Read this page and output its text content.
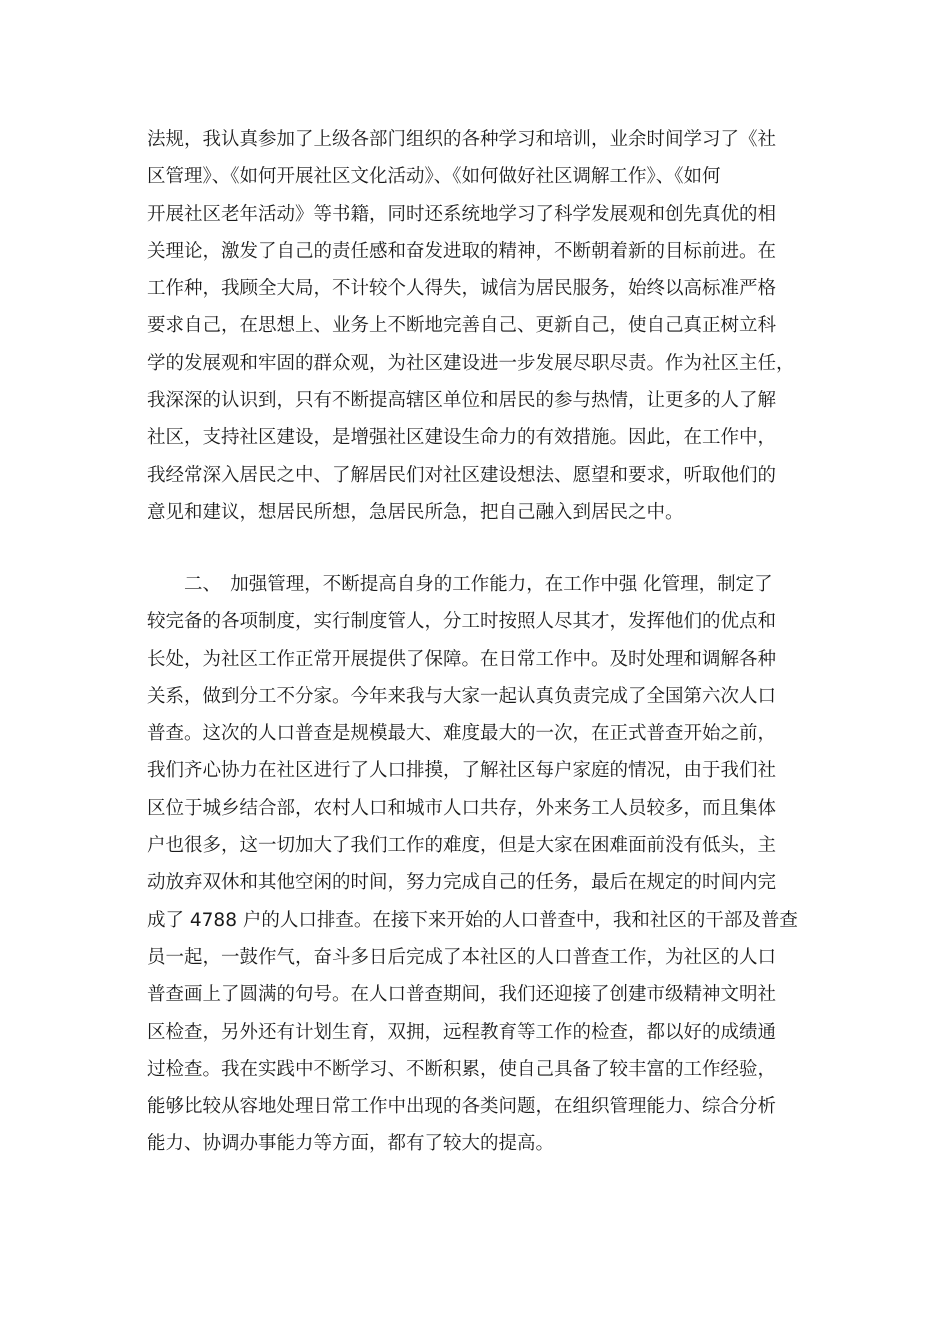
法规，我认真参加了上级各部门组织的各种学习和培训，业余时间学习了《社
区管理》、《如何开展社区文化活动》、《如何做好社区调解工作》、《如何
开展社区老年活动》等书籍，同时还系统地学习了科学发展观和创先真优的相
关理论，激发了自己的责任感和奋发进取的精神，不断朝着新的目标前进。在
工作种，我顾全大局，不计较个人得失，诚信为居民服务，始终以高标准严格
要求自己，在思想上、业务上不断地完善自己、更新自己，使自己真正树立科
学的发展观和牢固的群众观，为社区建设进一步发展尽职尽责。作为社区主任，
我深深的认识到，只有不断提高辖区单位和居民的参与热情，让更多的人了解
社区，支持社区建设，是增强社区建设生命力的有效措施。因此，在工作中，
我经常深入居民之中、了解居民们对社区建设想法、愿望和要求，听取他们的
意见和建议，想居民所想，急居民所急，把自己融入到居民之中。
　　二、　加强管理，不断提高自身的工作能力，在工作中强 化管理，制定了
较完备的各项制度，实行制度管人，分工时按照人尽其才，发挥他们的优点和
长处，为社区工作正常开展提供了保障。在日常工作中。及时处理和调解各种
关系，做到分工不分家。今年来我与大家一起认真负责完成了全国第六次人口
普查。这次的人口普查是规模最大、难度最大的一次，在正式普查开始之前，
我们齐心协力在社区进行了人口排摸，了解社区每户家庭的情况，由于我们社
区位于城乡结合部，农村人口和城市人口共存，外来务工人员较多，而且集体
户也很多，这一切加大了我们工作的难度，但是大家在困难面前没有低头，主
动放弃双休和其他空闲的时间，努力完成自己的任务，最后在规定的时间内完
成了 4788 户的人口排查。在接下来开始的人口普查中，我和社区的干部及普查
员一起，一鼓作气，奋斗多日后完成了本社区的人口普查工作，为社区的人口
普查画上了圆满的句号。在人口普查期间，我们还迎接了创建市级精神文明社
区检查，另外还有计划生育，双拥，远程教育等工作的检查，都以好的成绩通
过检查。我在实践中不断学习、不断积累，使自己具备了较丰富的工作经验，
能够比较从容地处理日常工作中出现的各类问题，在组织管理能力、综合分析
能力、协调办事能力等方面，都有了较大的提高。
